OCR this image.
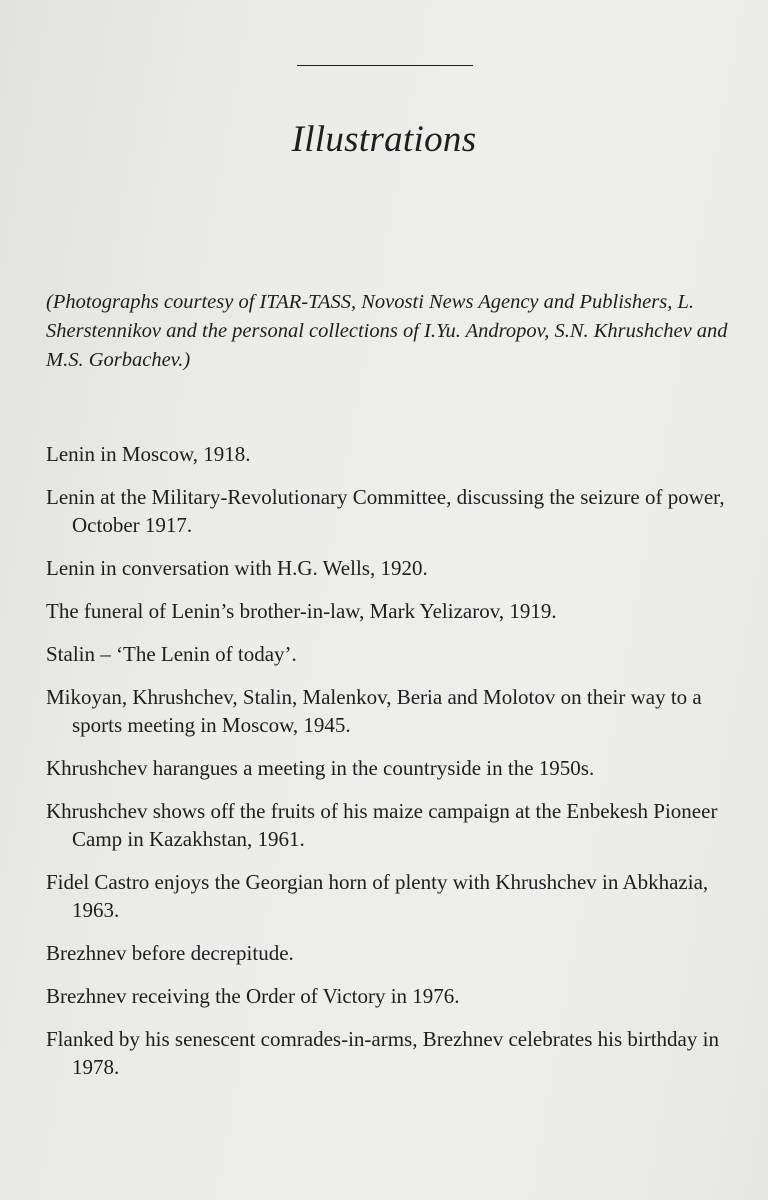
Illustrations

(Photographs courtesy of ITAR-TASS, Novosti News Agency and Publishers, L. Sherstennikov and the personal collections of I.Yu. Andropov, S.N. Khrushchev and M.S. Gorbachev.)

Lenin in Moscow, 1918.
Lenin at the Military-Revolutionary Committee, discussing the seizure of power, October 1917.
Lenin in conversation with H.G. Wells, 1920.
The funeral of Lenin’s brother-in-law, Mark Yelizarov, 1919.
Stalin – ‘The Lenin of today’.
Mikoyan, Khrushchev, Stalin, Malenkov, Beria and Molotov on their way to a sports meeting in Moscow, 1945.
Khrushchev harangues a meeting in the countryside in the 1950s.
Khrushchev shows off the fruits of his maize campaign at the Enbekesh Pioneer Camp in Kazakhstan, 1961.
Fidel Castro enjoys the Georgian horn of plenty with Khrushchev in Abkhazia, 1963.
Brezhnev before decrepitude.
Brezhnev receiving the Order of Victory in 1976.
Flanked by his senescent comrades-in-arms, Brezhnev celebrates his birthday in 1978.
